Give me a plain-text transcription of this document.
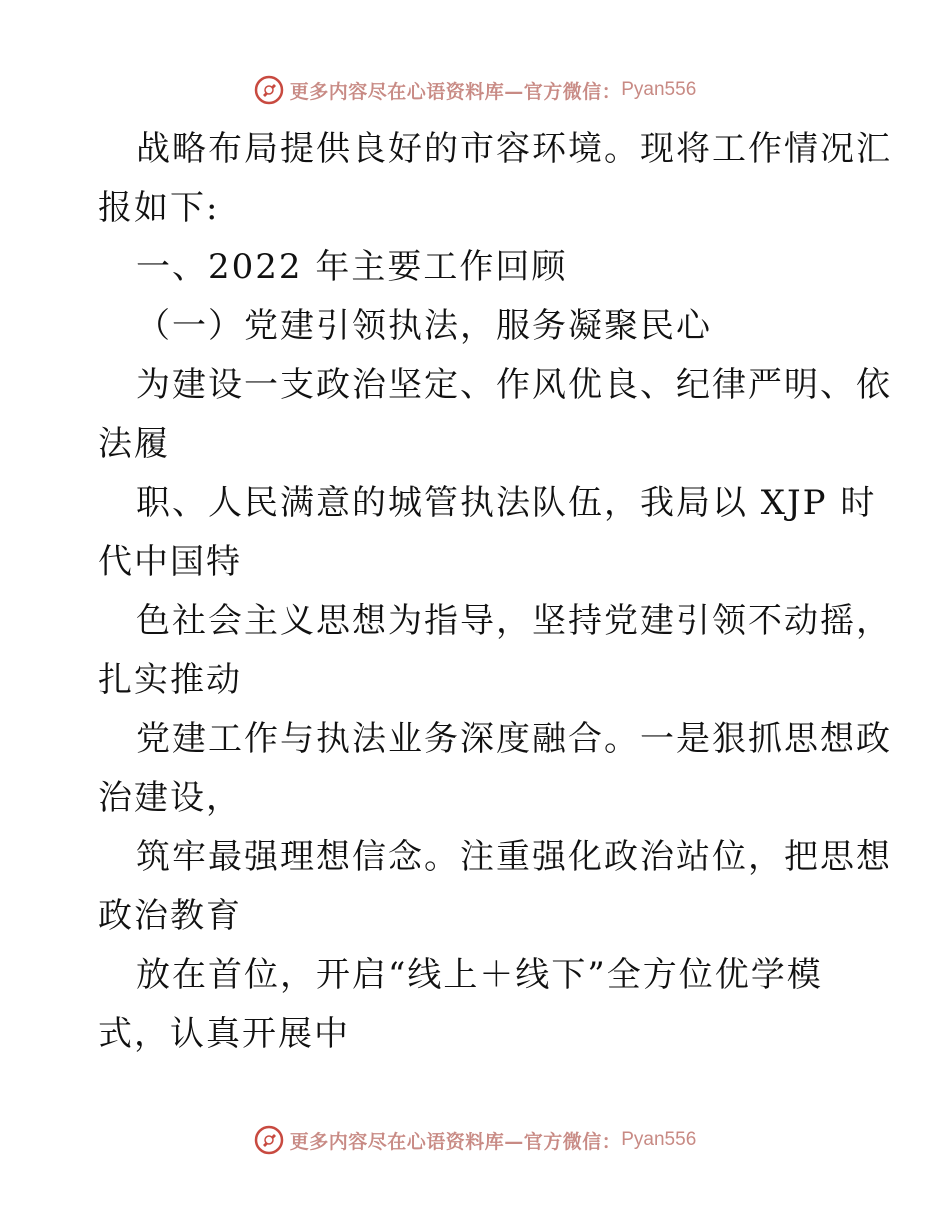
更多内容尽在心语资料库—官方微信： Pyan556
战略布局提供良好的市容环境。现将工作情况汇
报如下:
一、2022 年主要工作回顾
（一）党建引领执法，服务凝聚民心
为建设一支政治坚定、作风优良、纪律严明、依
法履
职、人民满意的城管执法队伍，我局以 XJP 时
代中国特
色社会主义思想为指导，坚持党建引领不动摇，
扎实推动
党建工作与执法业务深度融合。一是狠抓思想政
治建设，
筑牢最强理想信念。注重强化政治站位，把思想
政治教育
放在首位，开启“线上＋线下”全方位优学模
式，认真开展中
更多内容尽在心语资料库—官方微信： Pyan556
